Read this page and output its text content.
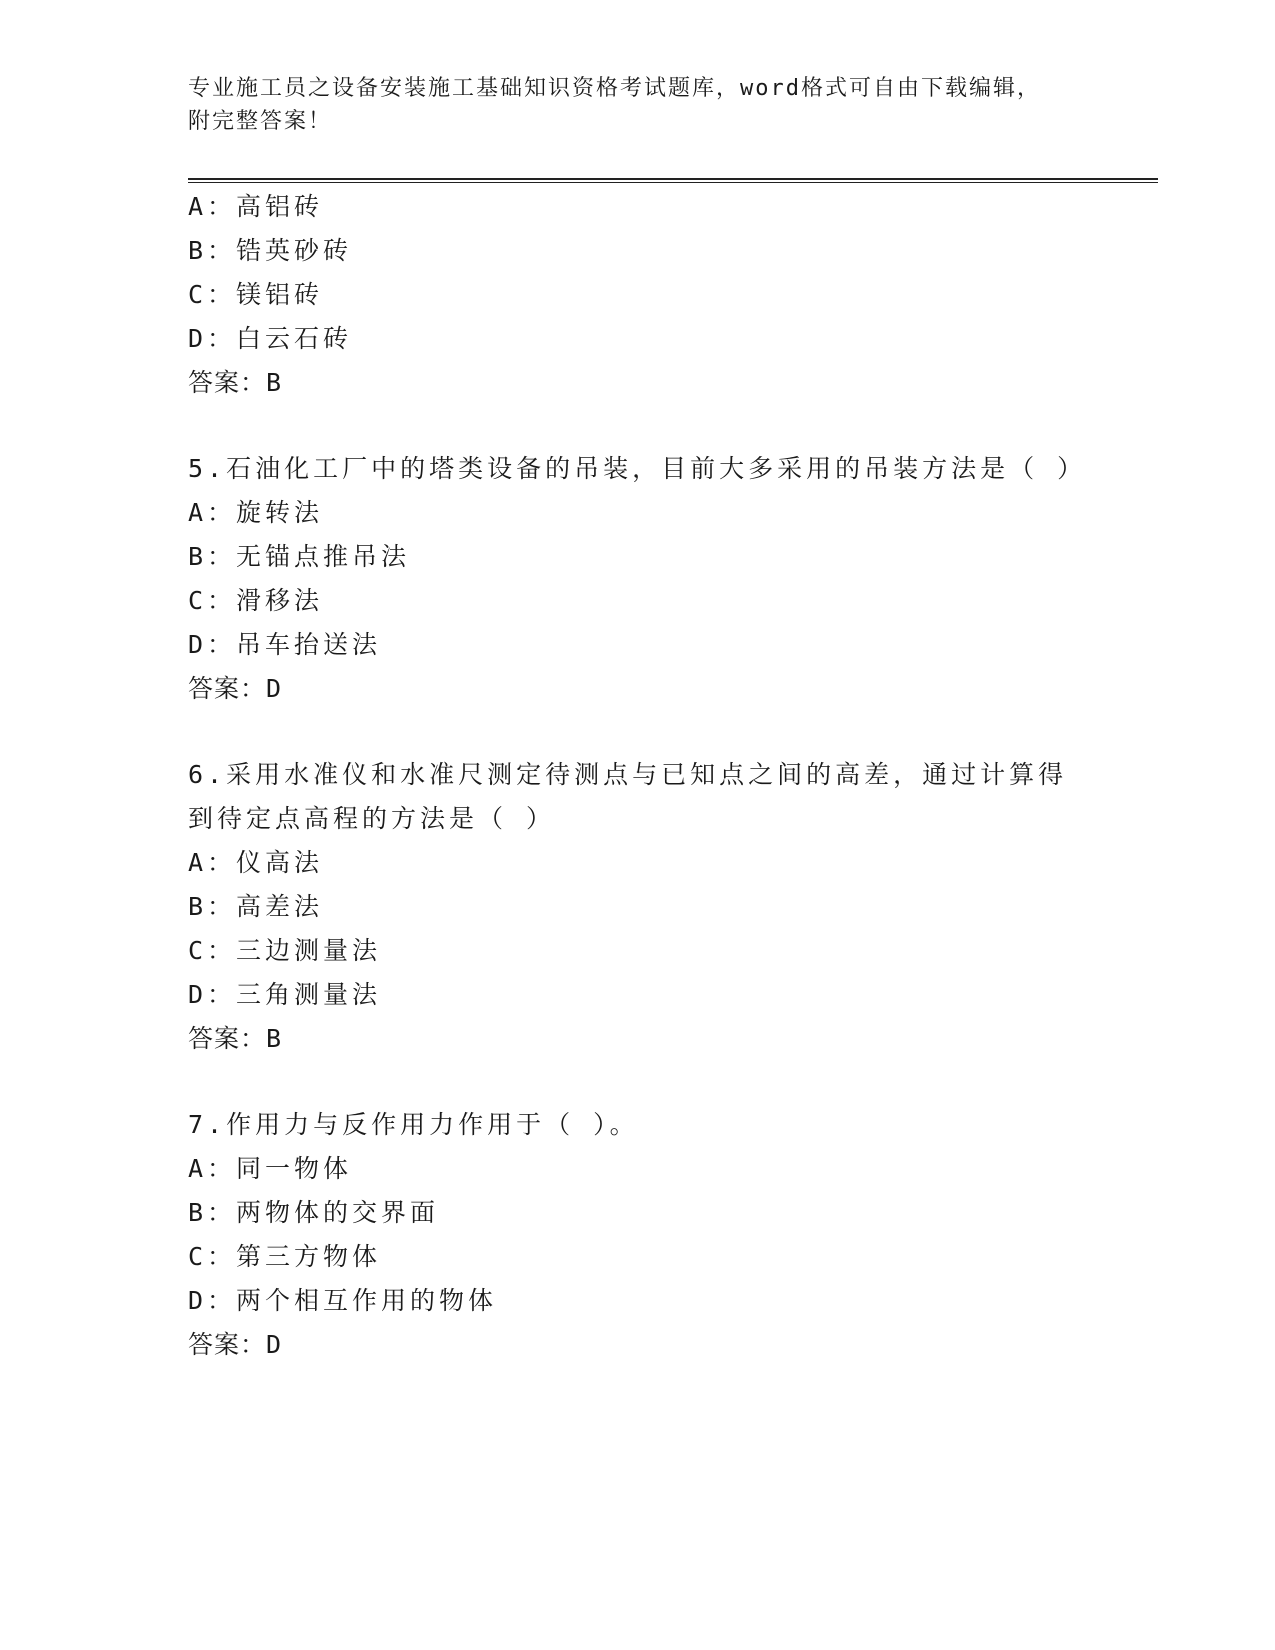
专业施工员之设备安装施工基础知识资格考试题库，word格式可自由下载编辑，
附完整答案！
A：高铝砖
B：锆英砂砖
C：镁铝砖
D：白云石砖
答案：B
5.石油化工厂中的塔类设备的吊装，目前大多采用的吊装方法是（ ）
A：旋转法
B：无锚点推吊法
C：滑移法
D：吊车抬送法
答案：D
6.采用水准仪和水准尺测定待测点与已知点之间的高差，通过计算得
到待定点高程的方法是（ ）
A：仪高法
B：高差法
C：三边测量法
D：三角测量法
答案：B
7.作用力与反作用力作用于（ ）。
A：同一物体
B：两物体的交界面
C：第三方物体
D：两个相互作用的物体
答案：D
